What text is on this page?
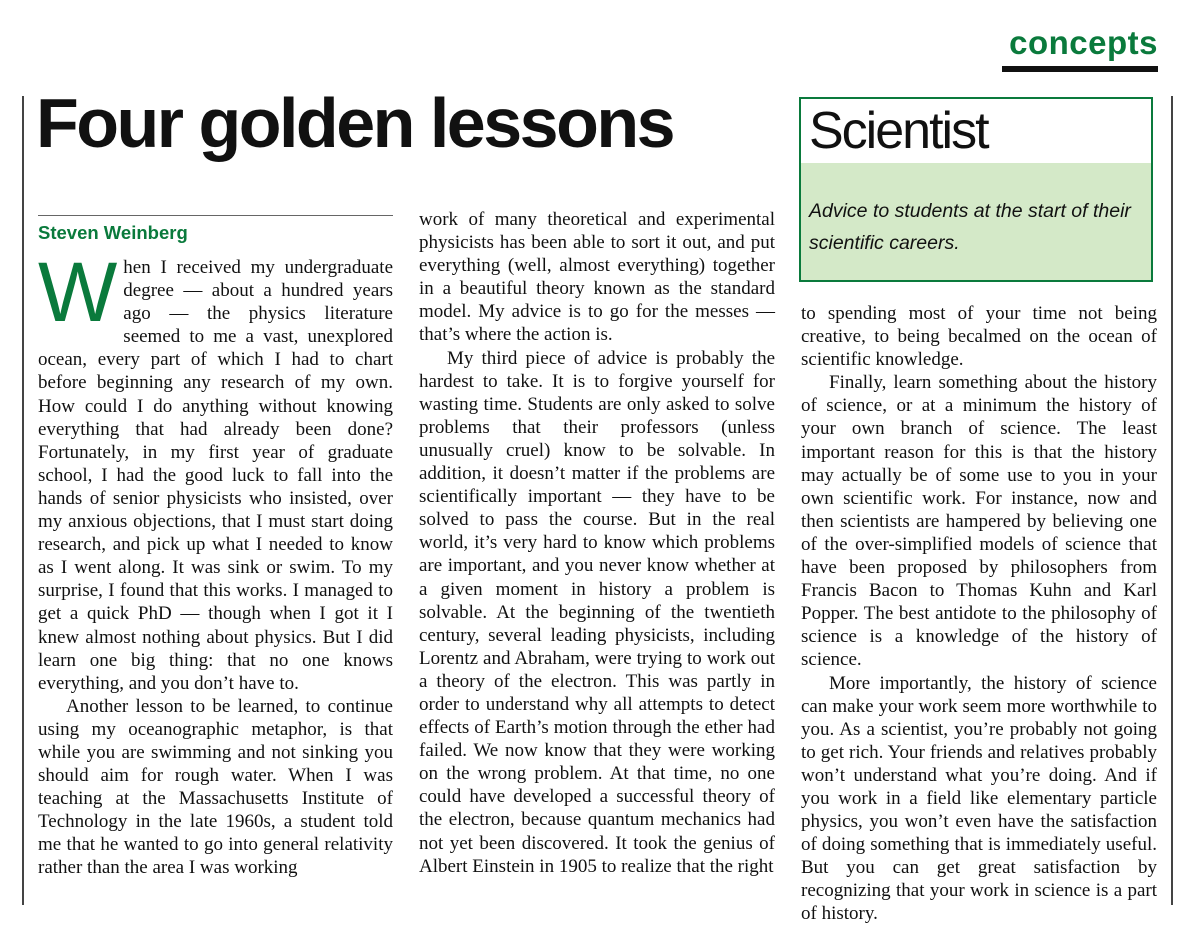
concepts
Four golden lessons
Steven Weinberg
Scientist
Advice to students at the start of their scientific careers.

When I received my undergraduate degree — about a hundred years ago — the physics literature seemed to me a vast, unexplored ocean, every part of which I had to chart before beginning any research of my own. How could I do anything without knowing everything that had already been done? Fortunately, in my first year of graduate school, I had the good luck to fall into the hands of senior physicists who insisted, over my anxious objections, that I must start doing research, and pick up what I needed to know as I went along. It was sink or swim. To my surprise, I found that this works. I managed to get a quick PhD — though when I got it I knew almost nothing about physics. But I did learn one big thing: that no one knows everything, and you don’t have to.

Another lesson to be learned, to continue using my oceanographic metaphor, is that while you are swimming and not sinking you should aim for rough water. When I was teaching at the Massachusetts Institute of Technology in the late 1960s, a student told me that he wanted to go into general relativity rather than the area I was working

work of many theoretical and experimental physicists has been able to sort it out, and put everything (well, almost everything) together in a beautiful theory known as the standard model. My advice is to go for the messes — that’s where the action is.

My third piece of advice is probably the hardest to take. It is to forgive yourself for wasting time. Students are only asked to solve problems that their professors (unless unusually cruel) know to be solvable. In addition, it doesn’t matter if the problems are scientifically important — they have to be solved to pass the course. But in the real world, it’s very hard to know which problems are important, and you never know whether at a given moment in history a problem is solvable. At the beginning of the twentieth century, several leading physicists, including Lorentz and Abraham, were trying to work out a theory of the electron. This was partly in order to understand why all attempts to detect effects of Earth’s motion through the ether had failed. We now know that they were working on the wrong problem. At that time, no one could have developed a successful theory of the electron, because quantum mechanics had not yet been discovered. It took the genius of Albert Einstein in 1905 to realize that the right

to spending most of your time not being creative, to being becalmed on the ocean of scientific knowledge.

Finally, learn something about the history of science, or at a minimum the history of your own branch of science. The least important reason for this is that the history may actually be of some use to you in your own scientific work. For instance, now and then scientists are hampered by believing one of the over-simplified models of science that have been proposed by philosophers from Francis Bacon to Thomas Kuhn and Karl Popper. The best antidote to the philosophy of science is a knowledge of the history of science.

More importantly, the history of science can make your work seem more worthwhile to you. As a scientist, you’re probably not going to get rich. Your friends and relatives probably won’t understand what you’re doing. And if you work in a field like elementary particle physics, you won’t even have the satisfaction of doing something that is immediately useful. But you can get great satisfaction by recognizing that your work in science is a part of history.
